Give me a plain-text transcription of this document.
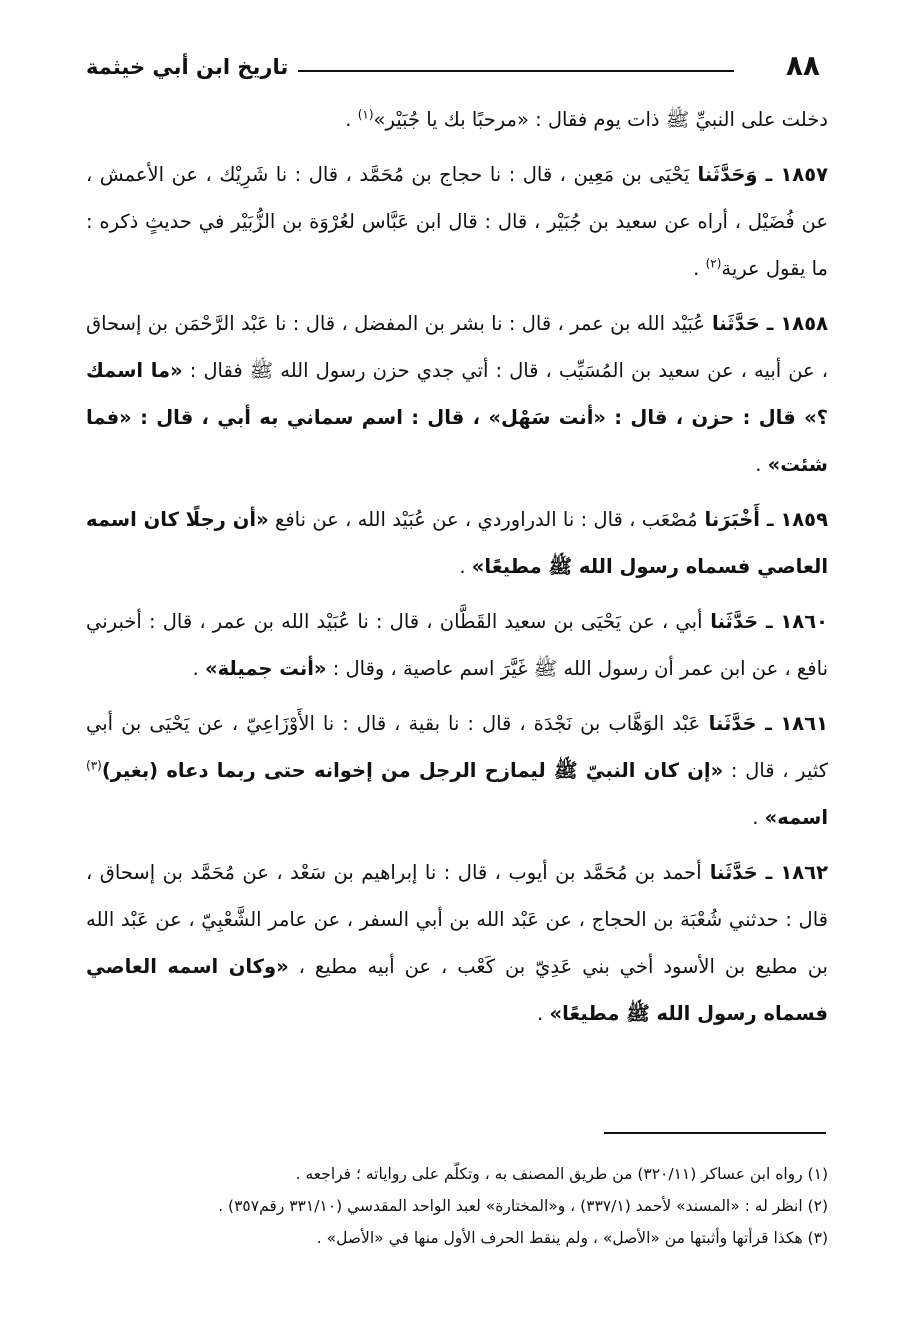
٨٨
تاريخ ابن أبي خيثمة

دخلت على النبيِّ ﷺ ذات يوم فقال : «مرحبًا بك يا جُبَيْر»$^{(١)}$ .

١٨٥٧ ـ وَحَدَّثَنا يَحْيَى بن مَعِين ، قال : نا حجاج بن مُحَمَّد ، قال : نا شَرِيْك ، عن الأعمش ، عن فُضَيْل ، أراه عن سعيد بن جُبَيْر ، قال : قال ابن عَبَّاس لعُرْوَة بن الزُّبَيْر في حديثٍ ذكره : ما يقول عرية$^{(٢)}$ .

١٨٥٨ ـ حَدَّثَنا عُبَيْد الله بن عمر ، قال : نا بشر بن المفضل ، قال : نا عَبْد الرَّحْمَن بن إسحاق ، عن أبيه ، عن سعيد بن المُسَيِّب ، قال : أتي جدي حزن رسول الله ﷺ فقال : «ما اسمك ؟» قال : حزن ، قال : «أنت سَهْل» ، قال : اسم سماني به أبي ، قال : «فما شئت» .

١٨٥٩ ـ أَخْبَرَنا مُصْعَب ، قال : نا الدراوردي ، عن عُبَيْد الله ، عن نافع «أن رجلًا كان اسمه العاصي فسماه رسول الله ﷺ مطيعًا» .

١٨٦٠ ـ حَدَّثَنا أبي ، عن يَحْيَى بن سعيد القَطَّان ، قال : نا عُبَيْد الله بن عمر ، قال : أخبرني نافع ، عن ابن عمر أن رسول الله ﷺ غَيَّرَ اسم عاصية ، وقال : «أنت جميلة» .

١٨٦١ ـ حَدَّثَنا عَبْد الوَهَّاب بن نَجْدَة ، قال : نا بقية ، قال : نا الأَوْزَاعِيّ ، عن يَحْيَى بن أبي كثير ، قال : «إن كان النبيّ ﷺ ليمازح الرجل من إخوانه حتى ربما دعاه (بغير)$^{(٣)}$ اسمه» .

١٨٦٢ ـ حَدَّثَنا أحمد بن مُحَمَّد بن أيوب ، قال : نا إبراهيم بن سَعْد ، عن مُحَمَّد بن إسحاق ، قال : حدثني شُعْبَة بن الحجاج ، عن عَبْد الله بن أبي السفر ، عن عامر الشَّعْبِيّ ، عن عَبْد الله بن مطيع بن الأسود أخي بني عَدِيّ بن كَعْب ، عن أبيه مطيع ، «وكان اسمه العاصي فسماه رسول الله ﷺ مطيعًا» .

(١) رواه ابن عساكر (٣٢٠/١١) من طريق المصنف به ، وتكلّم على رواياته ؛ فراجعه .

(٢) انظر له : «المسند» لأحمد (٣٣٧/١) ، و«المختارة» لعبد الواحد المقدسي (٣٣١/١٠ رقم٣٥٧) .

(٣) هكذا قرأتها وأثبتها من «الأصل» ، ولم ينقط الحرف الأول منها في «الأصل» .
